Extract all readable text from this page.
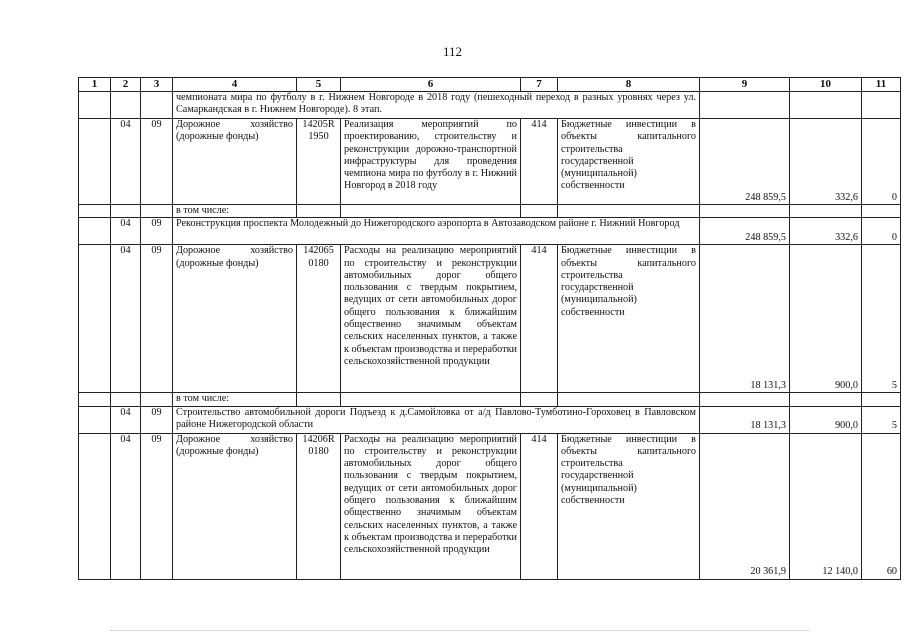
112
1	2	3	4	5	6	7	8	9	10	11
			чемпионата мира по футболу в г. Нижнем Новгороде в 2018 году (пешеходный переход в разных уровнях через ул. Самаркандская в г. Нижнем Новгороде). 8 этап.							
	04	09	Дорожное хозяйство (дорожные фонды)	14205R 1950	Реализация мероприятий по проектированию, строительству и реконструкции дорожно-транспортной инфраструктуры для проведения чемпиона мира по футболу в г. Нижний Новгород в 2018 году	414	Бюджетные инвестиции в объекты капитального строительства государственной (муниципальной) собственности	248 859,5	332,6	0
			в том числе:							
	04	09	Реконструкция проспекта Молодежный до Нижегородского аэропорта в Автозаводском районе г. Нижний Новгород					248 859,5	332,6	0
	04	09	Дорожное хозяйство (дорожные фонды)	142065 0180	Расходы на реализацию мероприятий по строительству и реконструкции автомобильных дорог общего пользования с твердым покрытием, ведущих от сети автомобильных дорог общего пользования к ближайшим общественно значимым объектам сельских населенных пунктов, а также к объектам производства и переработки сельскохозяйственной продукции	414	Бюджетные инвестиции в объекты капитального строительства государственной (муниципальной) собственности	18 131,3	900,0	5
			в том числе:							
	04	09	Строительство автомобильной дороги Подъезд к д.Самойловка от а/д Павлово-Тумботино-Гороховец в Павловском районе Нижегородской области					18 131,3	900,0	5
	04	09	Дорожное хозяйство (дорожные фонды)	14206R 0180	Расходы на реализацию мероприятий по строительству и реконструкции автомобильных дорог общего пользования с твердым покрытием, ведущих от сети автомобильных дорог общего пользования к ближайшим общественно значимым объектам сельских населенных пунктов, а также к объектам производства и переработки сельскохозяйственной продукции	414	Бюджетные инвестиции в объекты капитального строительства государственной (муниципальной) собственности	20 361,9	12 140,0	60
